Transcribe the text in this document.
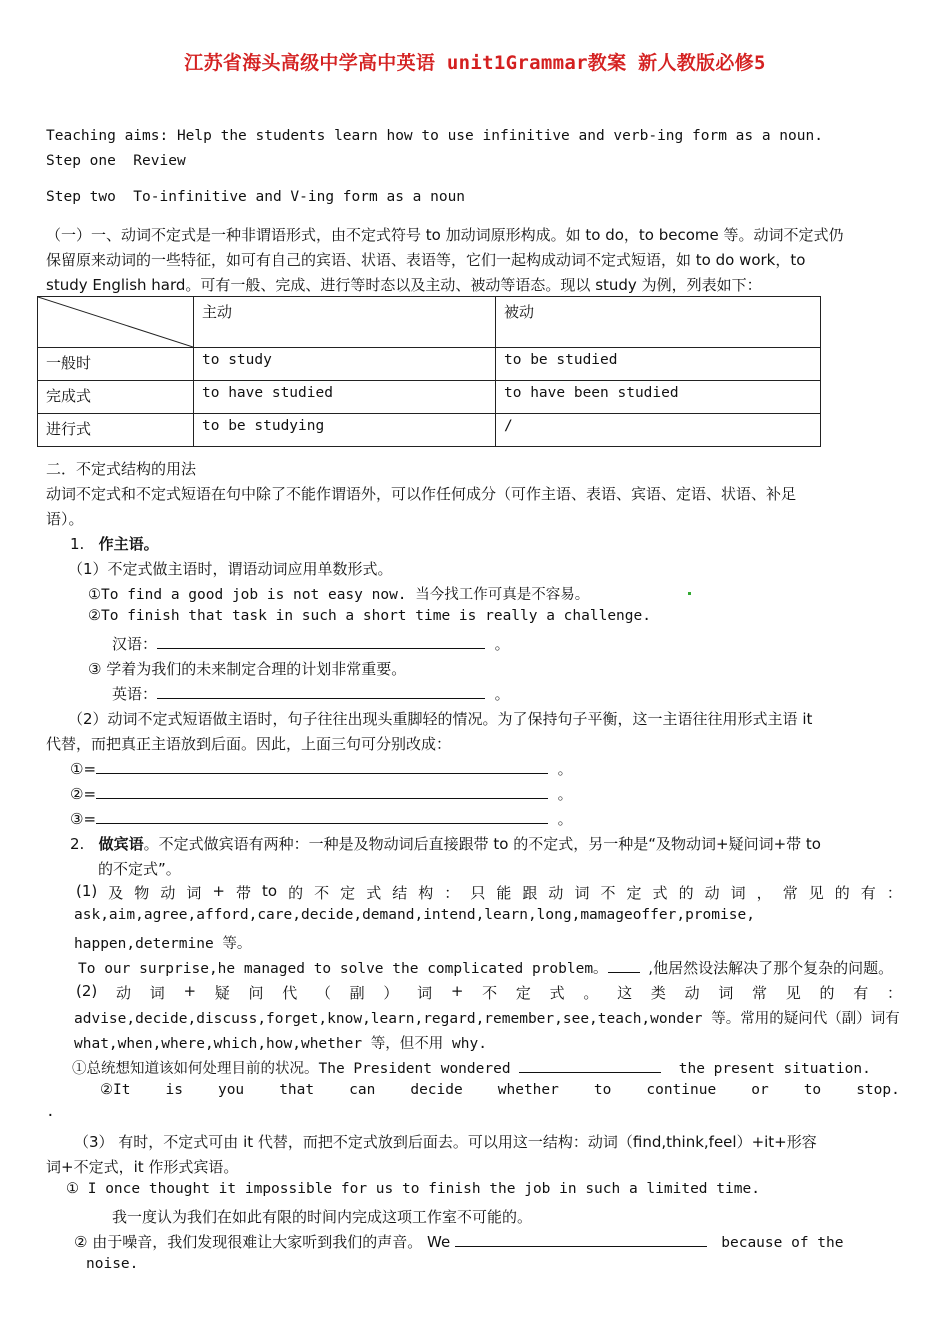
江苏省海头高级中学高中英语 unit1Grammar教案 新人教版必修5
Teaching aims: Help the students learn how to use infinitive and verb-ing form as a noun.
Step one  Review
Step two  To-infinitive and V-ing form as a noun
（一）一、动词不定式是一种非谓语形式，由不定式符号 to 加动词原形构成。如 to do，to become 等。动词不定式仍
保留原来动词的一些特征，如可有自己的宾语、状语、表语等，它们一起构成动词不定式短语，如 to do work，to
study English hard。可有一般、完成、进行等时态以及主动、被动等语态。现以 study 为例，列表如下：
	主动	被动
一般时	to study	to be studied
完成式	to have studied	to have been studied
进行式	to be studying	/
二．不定式结构的用法
动词不定式和不定式短语在句中除了不能作谓语外，可以作任何成分（可作主语、表语、宾语、定语、状语、补足
语）。
1. 作主语。
（1）不定式做主语时，谓语动词应用单数形式。
①To find a good job is not easy now. 当今找工作可真是不容易。
②To finish that task in such a short time is really a challenge.
汉语：	。
③ 学着为我们的未来制定合理的计划非常重要。
英语：	。
（2）动词不定式短语做主语时，句子往往出现头重脚轻的情况。为了保持句子平衡，这一主语往往用形式主语 it
代替，而把真正主语放到后面。因此，上面三句可分别改成：
①=	。
②=	。
③=	。
2. 做宾语。不定式做宾语有两种：一种是及物动词后直接跟带 to 的不定式，另一种是“及物动词+疑问词+带 to
的不定式”。
(1) 及 物 动 词 + 带 to 的 不 定 式 结 构 ： 只 能 跟 动 词 不 定 式 的 动 词 ， 常 见 的 有 ：
ask,aim,agree,afford,care,decide,demand,intend,learn,long,mamageoffer,promise,
happen,determine 等。
To our surprise,he managed to solve the complicated problem。	,他居然设法解决了那个复杂的问题。
(2) 动 词 + 疑 问 代 （ 副 ） 词 + 不 定 式 。 这 类 动 词 常 见 的 有 ：
advise,decide,discuss,forget,know,learn,regard,remember,see,teach,wonder 等。常用的疑问代（副）词有
what,when,where,which,how,whether 等，但不用 why.
①总统想知道该如何处理目前的状况。The President wondered	the present situation.
②It is you that can decide whether to continue or to stop.
.
（3） 有时，不定式可由 it 代替，而把不定式放到后面去。可以用这一结构：动词（find,think,feel）+it+形容
词+不定式，it 作形式宾语。
① I once thought it impossible for us to finish the job in such a limited time.
我一度认为我们在如此有限的时间内完成这项工作室不可能的。
② 由于噪音，我们发现很难让大家听到我们的声音。 We	because of the
noise.
